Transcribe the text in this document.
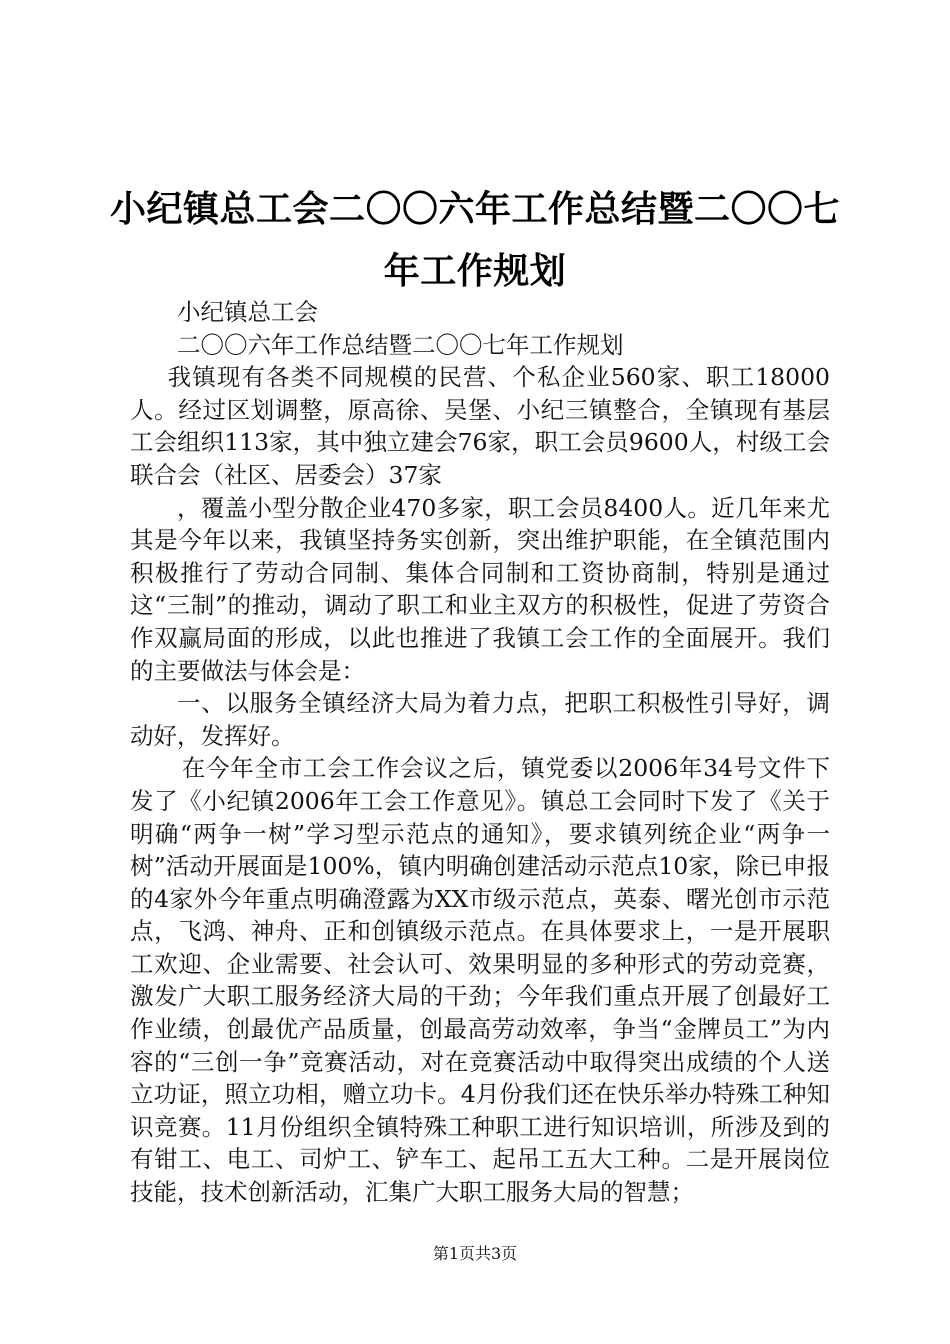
小纪镇总工会二〇〇六年工作总结暨二〇〇七年工作规划

小纪镇总工会

二〇〇六年工作总结暨二〇〇七年工作规划

我镇现有各类不同规模的民营、个私企业560家、职工18000人。经过区划调整，原高徐、吴堡、小纪三镇整合，全镇现有基层工会组织113家，其中独立建会76家，职工会员9600人，村级工会联合会（社区、居委会）37家

，覆盖小型分散企业470多家，职工会员8400人。近几年来尤其是今年以来，我镇坚持务实创新，突出维护职能，在全镇范围内积极推行了劳动合同制、集体合同制和工资协商制，特别是通过这“三制”的推动，调动了职工和业主双方的积极性，促进了劳资合作双赢局面的形成，以此也推进了我镇工会工作的全面展开。我们的主要做法与体会是：

一、以服务全镇经济大局为着力点，把职工积极性引导好，调动好，发挥好。

在今年全市工会工作会议之后，镇党委以2006年34号文件下发了《小纪镇2006年工会工作意见》。镇总工会同时下发了《关于明确“两争一树”学习型示范点的通知》，要求镇列统企业“两争一树”活动开展面是100%，镇内明确创建活动示范点10家，除已申报的4家外今年重点明确澄露为XX市级示范点，英泰、曙光创市示范点，飞鸿、神舟、正和创镇级示范点。在具体要求上，一是开展职工欢迎、企业需要、社会认可、效果明显的多种形式的劳动竞赛，激发广大职工服务经济大局的干劲；今年我们重点开展了创最好工作业绩，创最优产品质量，创最高劳动效率，争当“金牌员工”为内容的“三创一争”竞赛活动，对在竞赛活动中取得突出成绩的个人送立功证，照立功相，赠立功卡。4月份我们还在快乐举办特殊工种知识竞赛。11月份组织全镇特殊工种职工进行知识培训，所涉及到的有钳工、电工、司炉工、铲车工、起吊工五大工种。二是开展岗位技能，技术创新活动，汇集广大职工服务大局的智慧；

第1页共3页
